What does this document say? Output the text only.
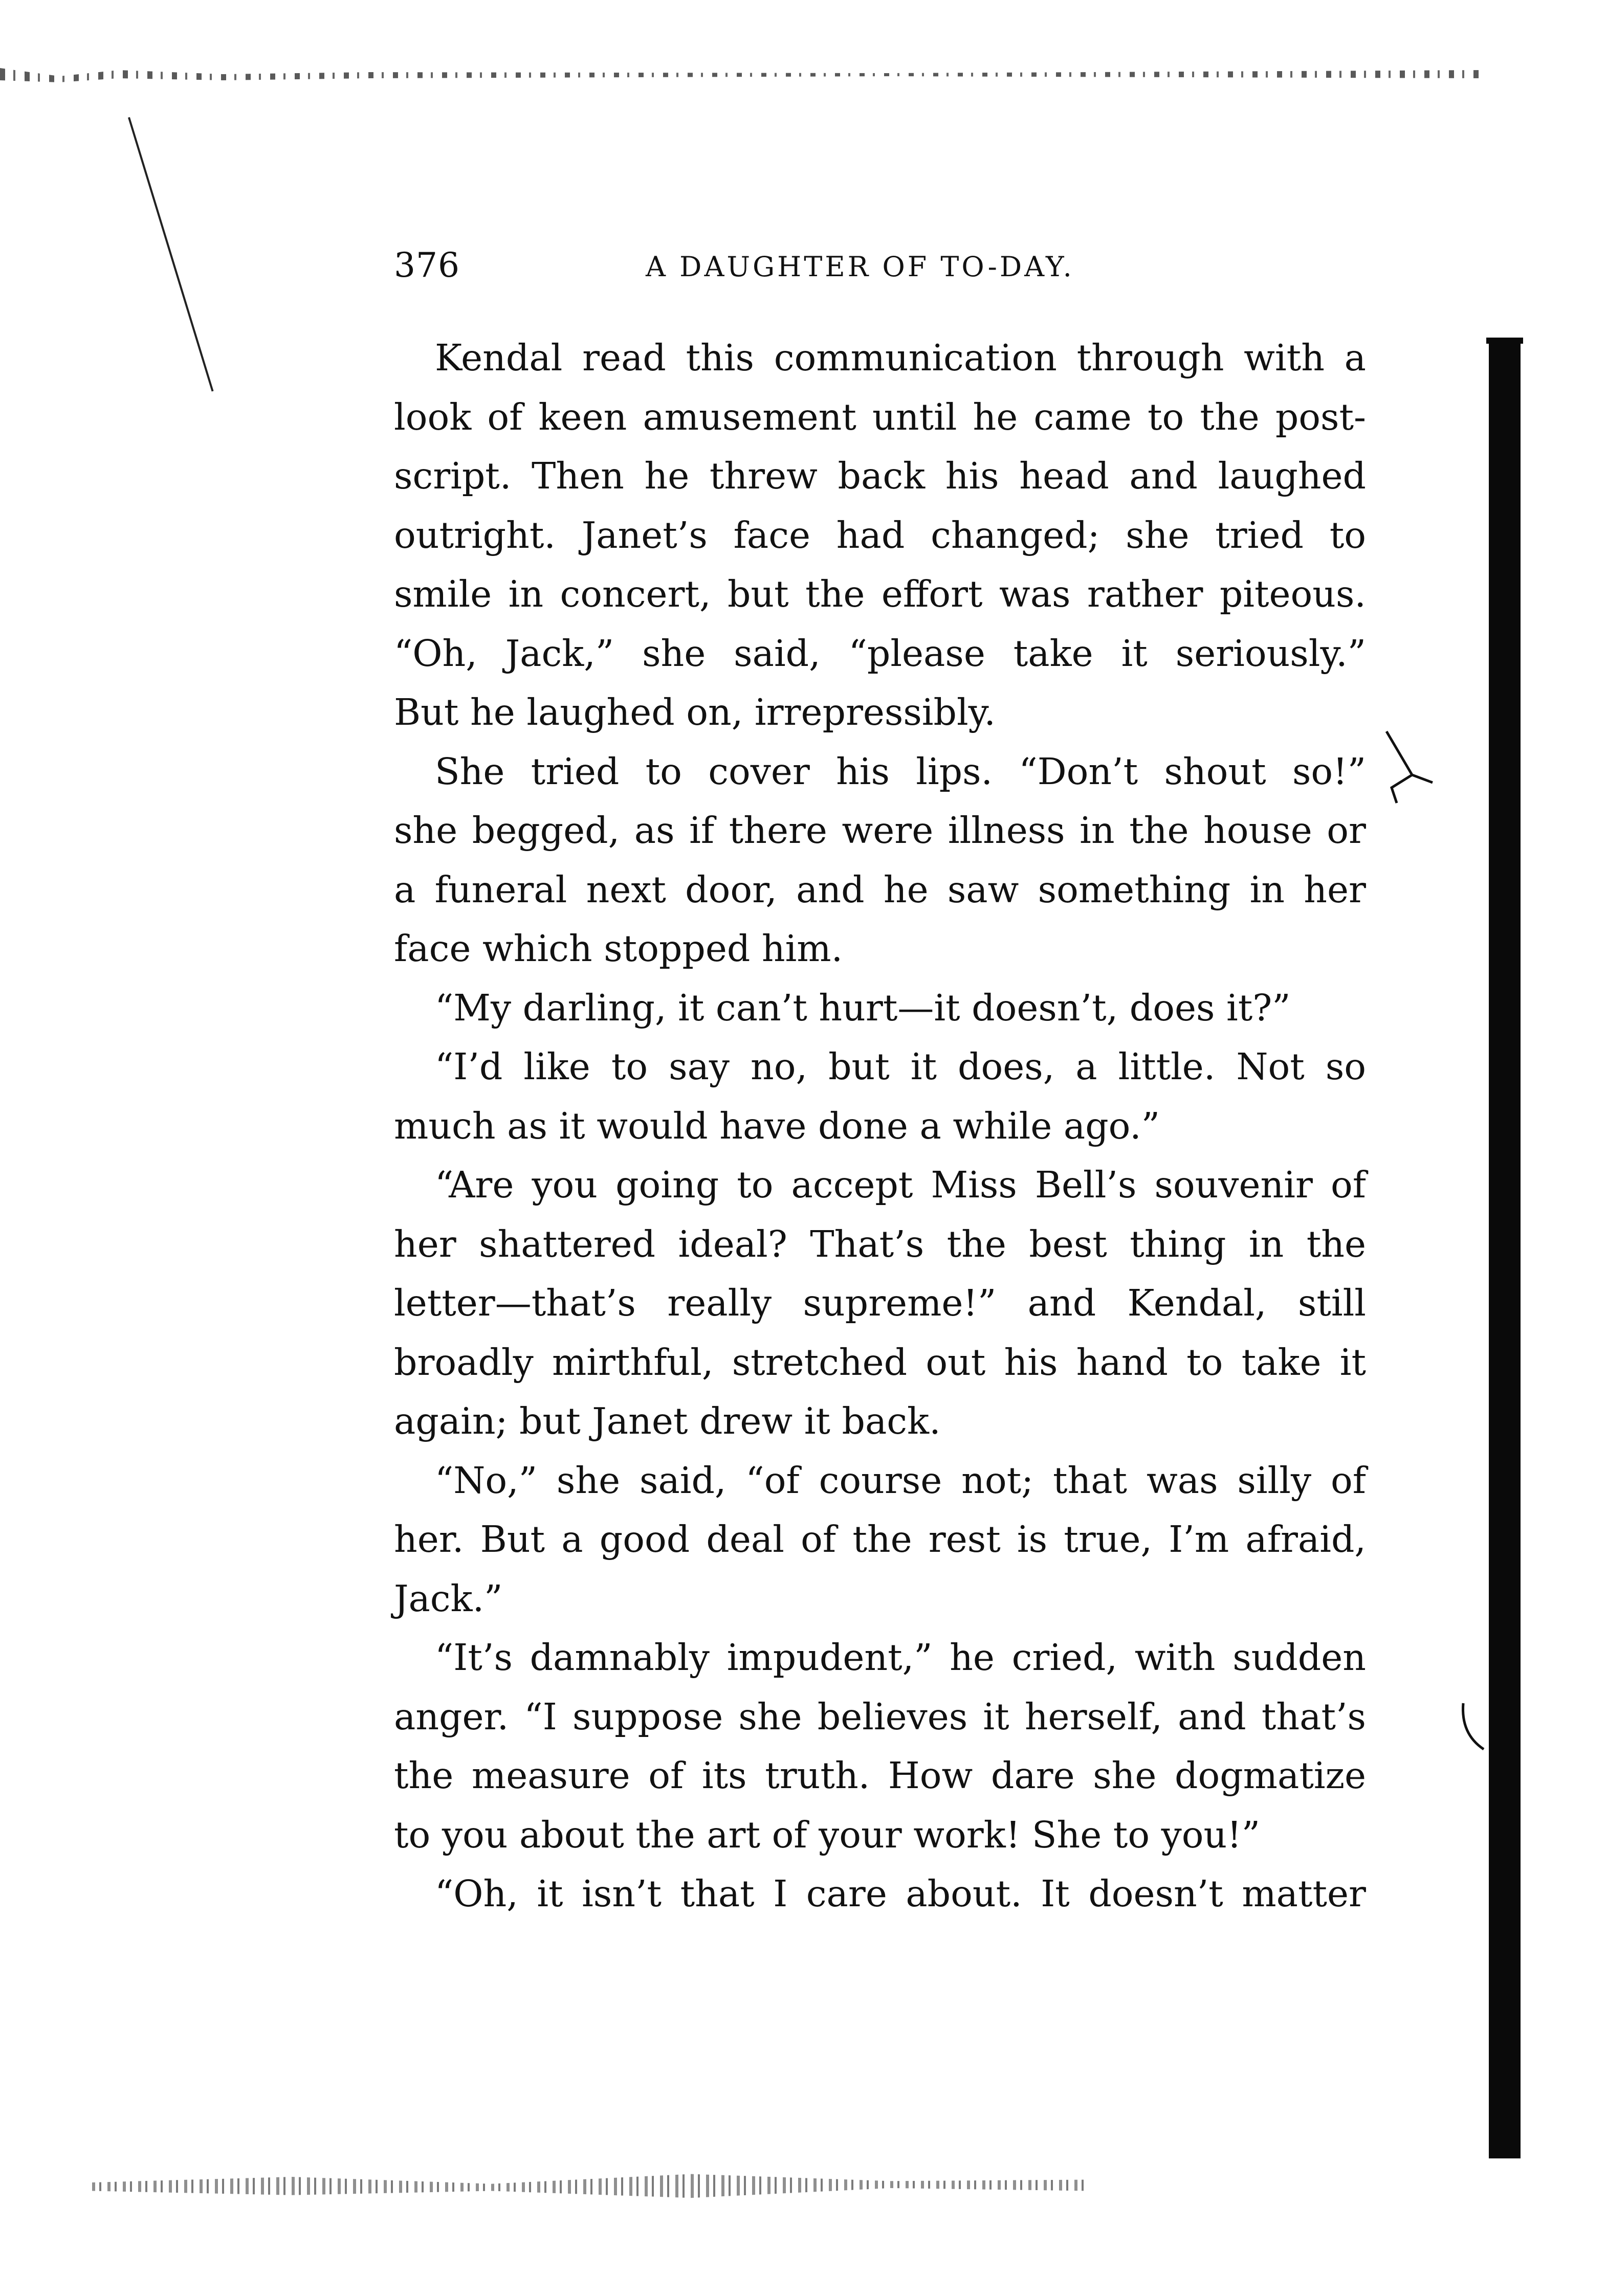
376	A DAUGHTER OF TO-DAY.
Kendal read this communication through with a
look of keen amusement until he came to the post-
script. Then he threw back his head and laughed
outright. Janet’s face had changed; she tried to
smile in concert, but the effort was rather piteous.
“Oh, Jack,” she said, “please take it seriously.”
But he laughed on, irrepressibly.
She tried to cover his lips. “Don’t shout so!”
she begged, as if there were illness in the house or
a funeral next door, and he saw something in her
face which stopped him.
“My darling, it can’t hurt—it doesn’t, does it?”
“I’d like to say no, but it does, a little. Not so
much as it would have done a while ago.”
“Are you going to accept Miss Bell’s souvenir of
her shattered ideal? That’s the best thing in the
letter—that’s really supreme!” and Kendal, still
broadly mirthful, stretched out his hand to take it
again; but Janet drew it back.
“No,” she said, “of course not; that was silly of
her. But a good deal of the rest is true, I’m afraid,
Jack.”
“It’s damnably impudent,” he cried, with sudden
anger. “I suppose she believes it herself, and that’s
the measure of its truth. How dare she dogmatize
to you about the art of your work! She to you!”
“Oh, it isn’t that I care about. It doesn’t matter
